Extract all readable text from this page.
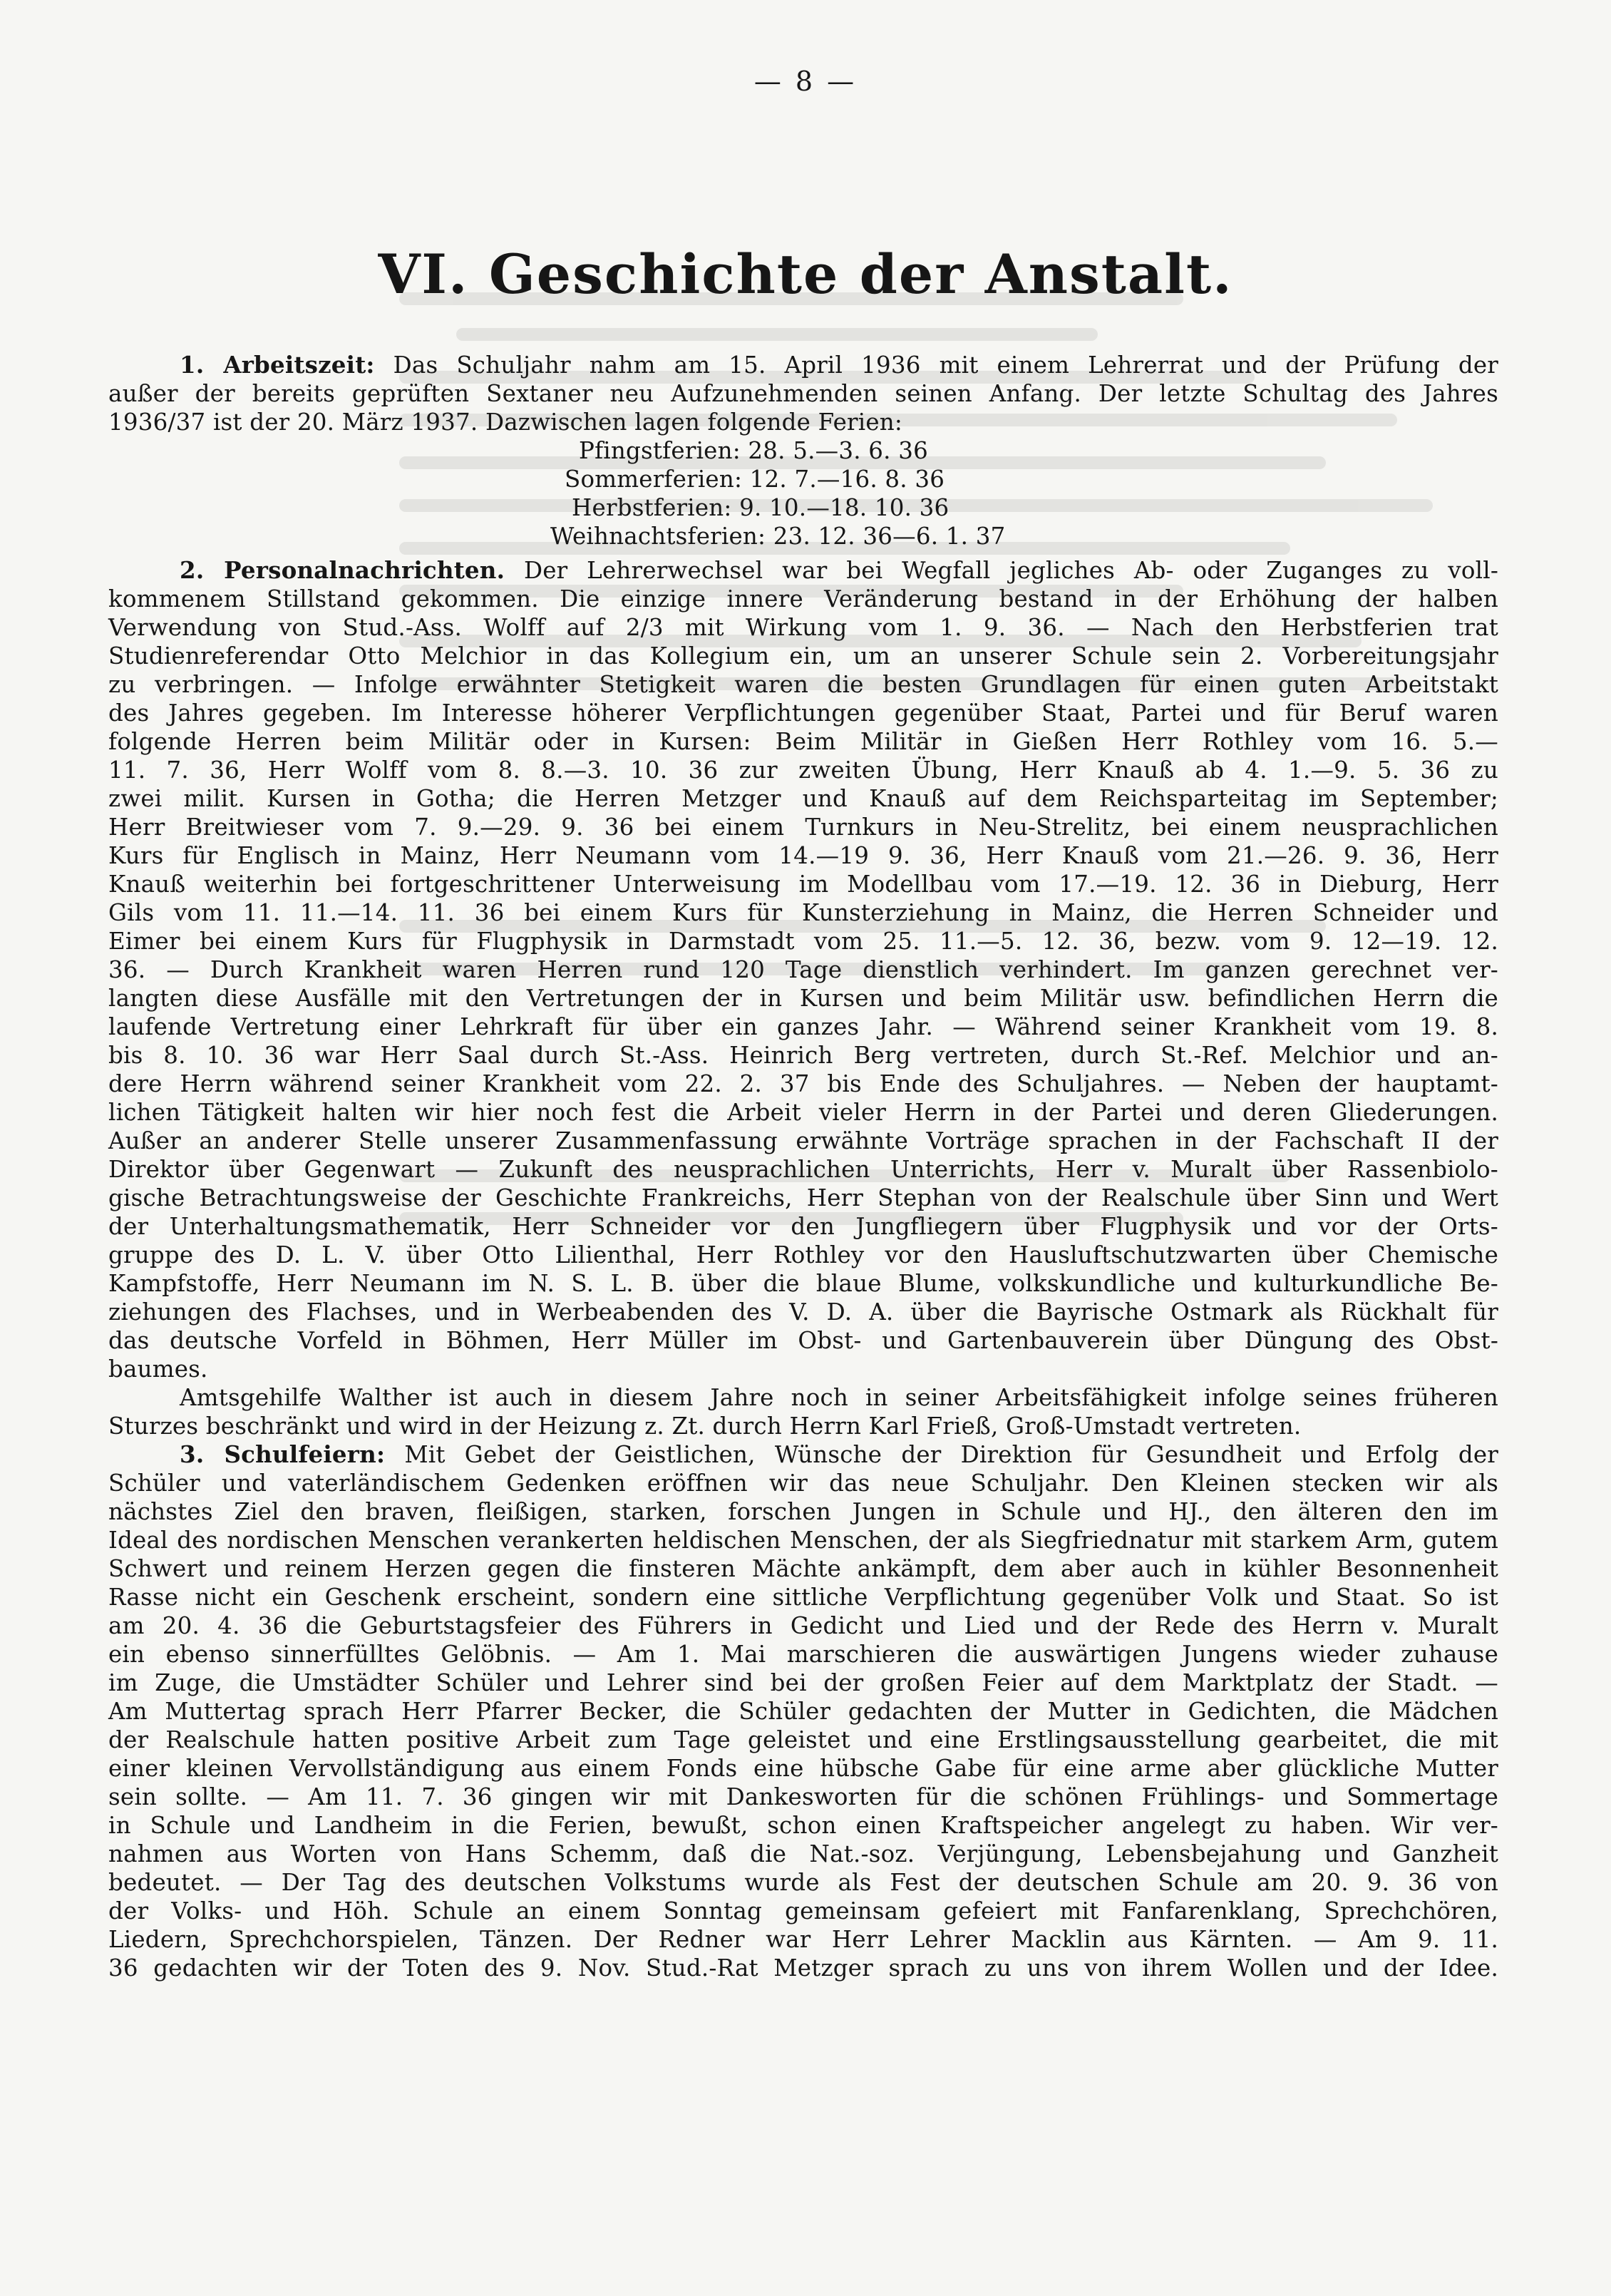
— 8 —
VI. Geschichte der Anstalt.
1. Arbeitszeit: Das Schuljahr nahm am 15. April 1936 mit einem Lehrerrat und der Prüfung der
außer der bereits geprüften Sextaner neu Aufzunehmenden seinen Anfang. Der letzte Schultag des Jahres
1936/37 ist der 20. März 1937. Dazwischen lagen folgende Ferien:
Pfingstferien: 28. 5.—3. 6. 36
Sommerferien: 12. 7.—16. 8. 36
Herbstferien: 9. 10.—18. 10. 36
Weihnachtsferien: 23. 12. 36—6. 1. 37
2. Personalnachrichten. Der Lehrerwechsel war bei Wegfall jegliches Ab- oder Zuganges zu voll-
kommenem Stillstand gekommen. Die einzige innere Veränderung bestand in der Erhöhung der halben
Verwendung von Stud.-Ass. Wolff auf 2/3 mit Wirkung vom 1. 9. 36. — Nach den Herbstferien trat
Studienreferendar Otto Melchior in das Kollegium ein, um an unserer Schule sein 2. Vorbereitungsjahr
zu verbringen. — Infolge erwähnter Stetigkeit waren die besten Grundlagen für einen guten Arbeitstakt
des Jahres gegeben. Im Interesse höherer Verpflichtungen gegenüber Staat, Partei und für Beruf waren
folgende Herren beim Militär oder in Kursen: Beim Militär in Gießen Herr Rothley vom 16. 5.—
11. 7. 36, Herr Wolff vom 8. 8.—3. 10. 36 zur zweiten Übung, Herr Knauß ab 4. 1.—9. 5. 36 zu
zwei milit. Kursen in Gotha; die Herren Metzger und Knauß auf dem Reichsparteitag im September;
Herr Breitwieser vom 7. 9.—29. 9. 36 bei einem Turnkurs in Neu-Strelitz, bei einem neusprachlichen
Kurs für Englisch in Mainz, Herr Neumann vom 14.—19 9. 36, Herr Knauß vom 21.—26. 9. 36, Herr
Knauß weiterhin bei fortgeschrittener Unterweisung im Modellbau vom 17.—19. 12. 36 in Dieburg, Herr
Gils vom 11. 11.—14. 11. 36 bei einem Kurs für Kunsterziehung in Mainz, die Herren Schneider und
Eimer bei einem Kurs für Flugphysik in Darmstadt vom 25. 11.—5. 12. 36, bezw. vom 9. 12—19. 12.
36. — Durch Krankheit waren Herren rund 120 Tage dienstlich verhindert. Im ganzen gerechnet ver-
langten diese Ausfälle mit den Vertretungen der in Kursen und beim Militär usw. befindlichen Herrn die
laufende Vertretung einer Lehrkraft für über ein ganzes Jahr. — Während seiner Krankheit vom 19. 8.
bis 8. 10. 36 war Herr Saal durch St.-Ass. Heinrich Berg vertreten, durch St.-Ref. Melchior und an-
dere Herrn während seiner Krankheit vom 22. 2. 37 bis Ende des Schuljahres. — Neben der hauptamt-
lichen Tätigkeit halten wir hier noch fest die Arbeit vieler Herrn in der Partei und deren Gliederungen.
Außer an anderer Stelle unserer Zusammenfassung erwähnte Vorträge sprachen in der Fachschaft II der
Direktor über Gegenwart — Zukunft des neusprachlichen Unterrichts, Herr v. Muralt über Rassenbiolo-
gische Betrachtungsweise der Geschichte Frankreichs, Herr Stephan von der Realschule über Sinn und Wert
der Unterhaltungsmathematik, Herr Schneider vor den Jungfliegern über Flugphysik und vor der Orts-
gruppe des D. L. V. über Otto Lilienthal, Herr Rothley vor den Hausluftschutzwarten über Chemische
Kampfstoffe, Herr Neumann im N. S. L. B. über die blaue Blume, volkskundliche und kulturkundliche Be-
ziehungen des Flachses, und in Werbeabenden des V. D. A. über die Bayrische Ostmark als Rückhalt für
das deutsche Vorfeld in Böhmen, Herr Müller im Obst- und Gartenbauverein über Düngung des Obst-
baumes.
Amtsgehilfe Walther ist auch in diesem Jahre noch in seiner Arbeitsfähigkeit infolge seines früheren
Sturzes beschränkt und wird in der Heizung z. Zt. durch Herrn Karl Frieß, Groß-Umstadt vertreten.
3. Schulfeiern: Mit Gebet der Geistlichen, Wünsche der Direktion für Gesundheit und Erfolg der
Schüler und vaterländischem Gedenken eröffnen wir das neue Schuljahr. Den Kleinen stecken wir als
nächstes Ziel den braven, fleißigen, starken, forschen Jungen in Schule und HJ., den älteren den im
Ideal des nordischen Menschen verankerten heldischen Menschen, der als Siegfriednatur mit starkem Arm, gutem
Schwert und reinem Herzen gegen die finsteren Mächte ankämpft, dem aber auch in kühler Besonnenheit
Rasse nicht ein Geschenk erscheint, sondern eine sittliche Verpflichtung gegenüber Volk und Staat. So ist
am 20. 4. 36 die Geburtstagsfeier des Führers in Gedicht und Lied und der Rede des Herrn v. Muralt
ein ebenso sinnerfülltes Gelöbnis. — Am 1. Mai marschieren die auswärtigen Jungens wieder zuhause
im Zuge, die Umstädter Schüler und Lehrer sind bei der großen Feier auf dem Marktplatz der Stadt. —
Am Muttertag sprach Herr Pfarrer Becker, die Schüler gedachten der Mutter in Gedichten, die Mädchen
der Realschule hatten positive Arbeit zum Tage geleistet und eine Erstlingsausstellung gearbeitet, die mit
einer kleinen Vervollständigung aus einem Fonds eine hübsche Gabe für eine arme aber glückliche Mutter
sein sollte. — Am 11. 7. 36 gingen wir mit Dankesworten für die schönen Frühlings- und Sommertage
in Schule und Landheim in die Ferien, bewußt, schon einen Kraftspeicher angelegt zu haben. Wir ver-
nahmen aus Worten von Hans Schemm, daß die Nat.-soz. Verjüngung, Lebensbejahung und Ganzheit
bedeutet. — Der Tag des deutschen Volkstums wurde als Fest der deutschen Schule am 20. 9. 36 von
der Volks- und Höh. Schule an einem Sonntag gemeinsam gefeiert mit Fanfarenklang, Sprechchören,
Liedern, Sprechchorspielen, Tänzen. Der Redner war Herr Lehrer Macklin aus Kärnten. — Am 9. 11.
36 gedachten wir der Toten des 9. Nov. Stud.-Rat Metzger sprach zu uns von ihrem Wollen und der Idee.
